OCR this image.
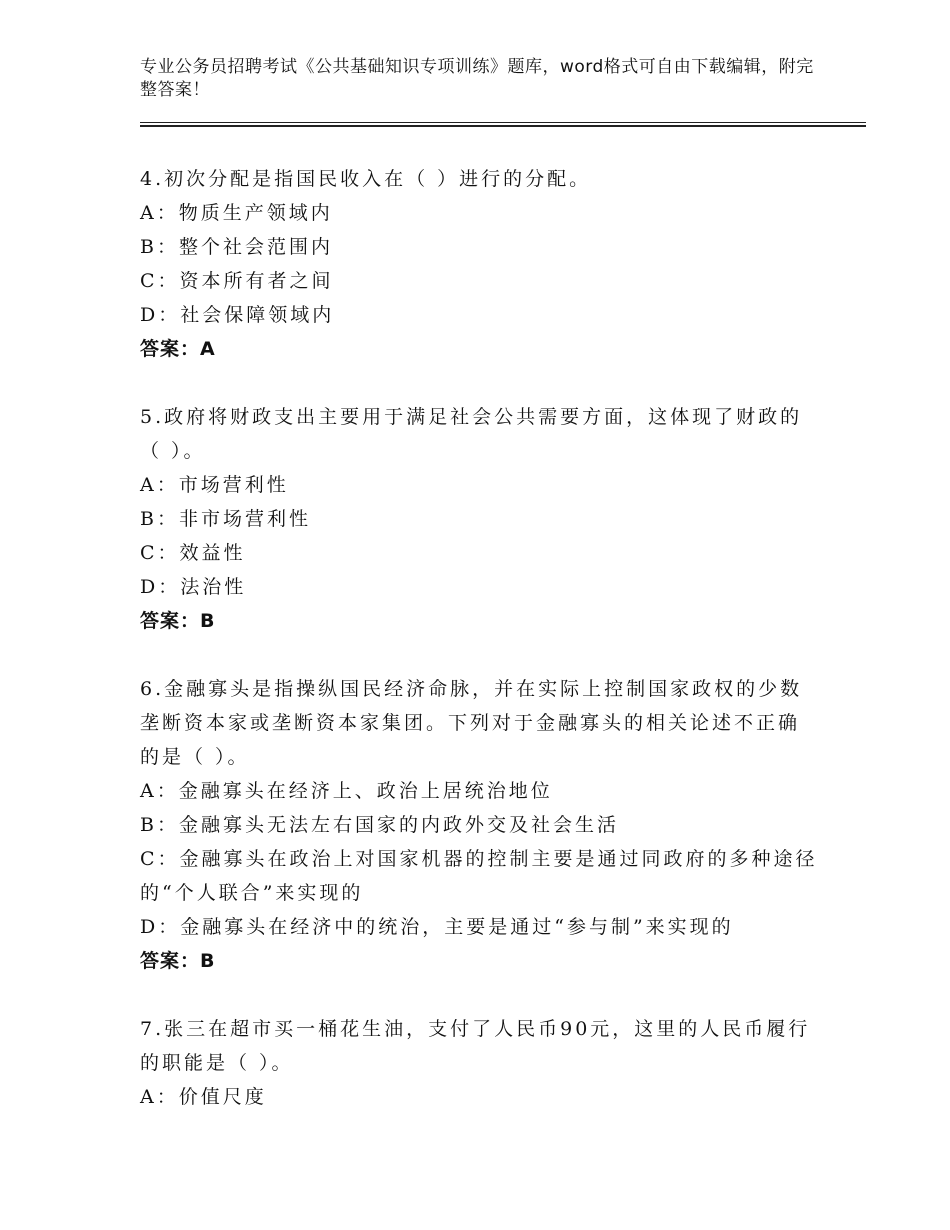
专业公务员招聘考试《公共基础知识专项训练》题库，word格式可自由下载编辑，附完整答案！

4.初次分配是指国民收入在（ ）进行的分配。

A：物质生产领域内

B：整个社会范围内

C：资本所有者之间

D：社会保障领域内

答案：A

5.政府将财政支出主要用于满足社会公共需要方面，这体现了财政的（ ）。

A：市场营利性

B：非市场营利性

C：效益性

D：法治性

答案：B

6.金融寡头是指操纵国民经济命脉，并在实际上控制国家政权的少数垄断资本家或垄断资本家集团。下列对于金融寡头的相关论述不正确的是（ ）。

A：金融寡头在经济上、政治上居统治地位

B：金融寡头无法左右国家的内政外交及社会生活

C：金融寡头在政治上对国家机器的控制主要是通过同政府的多种途径的“个人联合”来实现的

D：金融寡头在经济中的统治，主要是通过“参与制”来实现的

答案：B

7.张三在超市买一桶花生油，支付了人民币90元，这里的人民币履行的职能是（ ）。

A：价值尺度
